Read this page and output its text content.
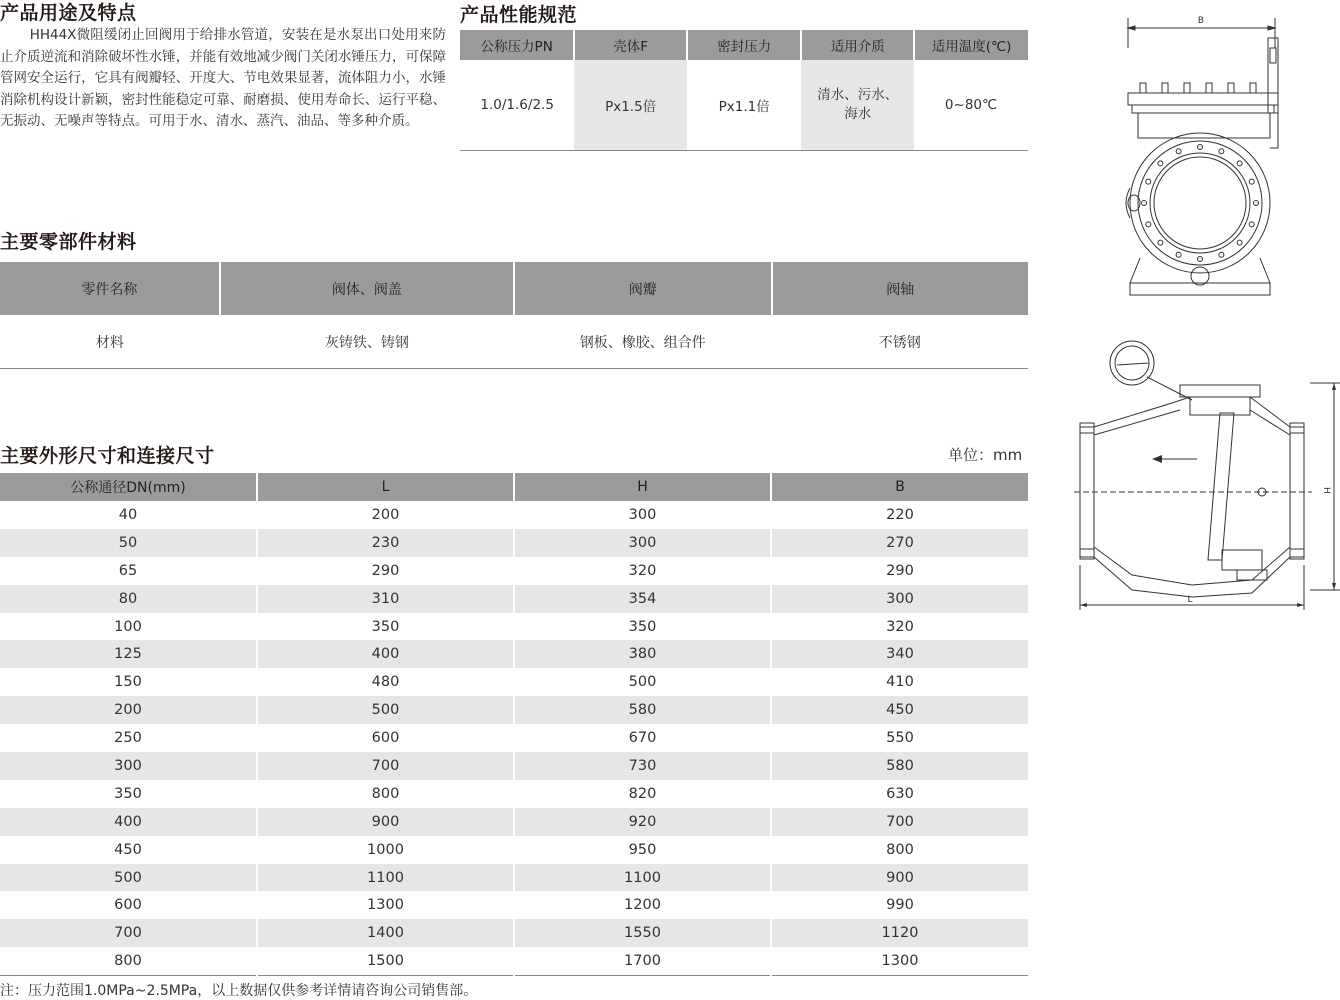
产品用途及特点
HH44X微阻缓闭止回阀用于给排水管道，安装在是水泵出口处用来防止介质逆流和消除破坏性水锤，并能有效地减少阀门关闭水锤压力，可保障管网安全运行，它具有阀瓣轻、开度大、节电效果显著，流体阻力小，水锤消除机构设计新颖，密封性能稳定可靠、耐磨损、使用寿命长、运行平稳、无振动、无噪声等特点。可用于水、清水、蒸汽、油品、等多种介质。
产品性能规范
公称压力PN	壳体F	密封压力	适用介质	适用温度(℃)
1.0/1.6/2.5	Px1.5倍	Px1.1倍	清水、污水、海水	0~80℃
主要零部件材料
零件名称	阀体、阀盖	阀瓣	阀轴
材料	灰铸铁、铸钢	钢板、橡胶、组合件	不锈钢
主要外形尺寸和连接尺寸	单位：mm
公称通径DN(mm)	L	H	B
40	200	300	220
50	230	300	270
65	290	320	290
80	310	354	300
100	350	350	320
125	400	380	340
150	480	500	410
200	500	580	450
250	600	670	550
300	700	730	580
350	800	820	630
400	900	920	700
450	1000	950	800
500	1100	1100	900
600	1300	1200	990
700	1400	1550	1120
800	1500	1700	1300
注：压力范围1.0MPa~2.5MPa，以上数据仅供参考详情请咨询公司销售部。
B
L
H
